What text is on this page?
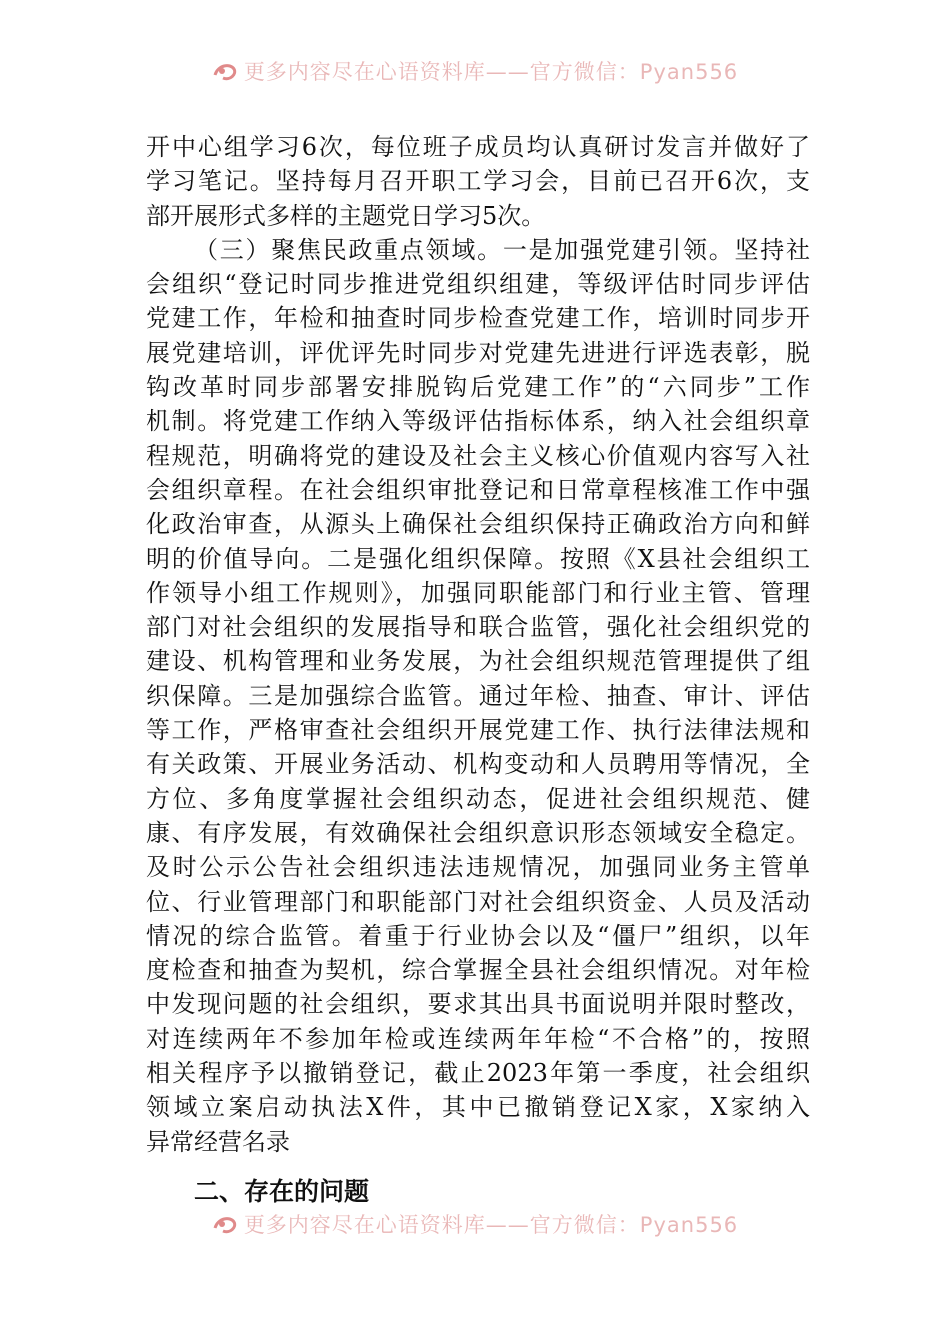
更多内容尽在心语资料库——官方微信：Pyan556
开中心组学习6次，每位班子成员均认真研讨发言并做好了
学习笔记。坚持每月召开职工学习会，目前已召开6次，支
部开展形式多样的主题党日学习5次。
（三）聚焦民政重点领域。一是加强党建引领。坚持社
会组织“登记时同步推进党组织组建，等级评估时同步评估
党建工作，年检和抽查时同步检查党建工作，培训时同步开
展党建培训，评优评先时同步对党建先进进行评选表彰，脱
钩改革时同步部署安排脱钩后党建工作”的“六同步”工作
机制。将党建工作纳入等级评估指标体系，纳入社会组织章
程规范，明确将党的建设及社会主义核心价值观内容写入社
会组织章程。在社会组织审批登记和日常章程核准工作中强
化政治审查，从源头上确保社会组织保持正确政治方向和鲜
明的价值导向。二是强化组织保障。按照《X县社会组织工
作领导小组工作规则》，加强同职能部门和行业主管、管理
部门对社会组织的发展指导和联合监管，强化社会组织党的
建设、机构管理和业务发展，为社会组织规范管理提供了组
织保障。三是加强综合监管。通过年检、抽查、审计、评估
等工作，严格审查社会组织开展党建工作、执行法律法规和
有关政策、开展业务活动、机构变动和人员聘用等情况，全
方位、多角度掌握社会组织动态，促进社会组织规范、健
康、有序发展，有效确保社会组织意识形态领域安全稳定。
及时公示公告社会组织违法违规情况，加强同业务主管单
位、行业管理部门和职能部门对社会组织资金、人员及活动
情况的综合监管。着重于行业协会以及“僵尸”组织，以年
度检查和抽查为契机，综合掌握全县社会组织情况。对年检
中发现问题的社会组织，要求其出具书面说明并限时整改，
对连续两年不参加年检或连续两年年检“不合格”的，按照
相关程序予以撤销登记，截止2023年第一季度，社会组织
领域立案启动执法X件，其中已撤销登记X家，X家纳入
异常经营名录
二、存在的问题
更多内容尽在心语资料库——官方微信：Pyan556
